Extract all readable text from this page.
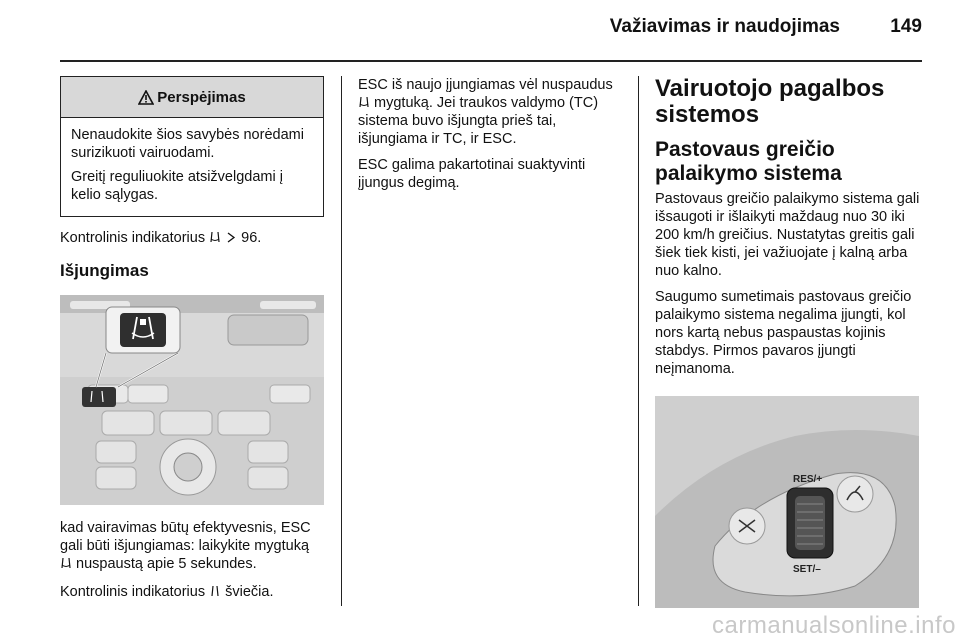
Važiavimas ir naudojimas	149
Perspėjimas

Nenaudokite šios savybės norėdami surizikuoti vairuodami.

Greitį reguliuokite atsižvelgdami į kelio sąlygas.

Kontrolinis indikatorius 96.

Išjungimas

kad vairavimas būtų efektyvesnis, ESC gali būti išjungiamas: laikykite mygtuką  nuspaustą apie 5 sekundes.

Kontrolinis indikatorius šviečia.

ESC iš naujo įjungiamas vėl nuspaudus  mygtuką. Jei traukos valdymo (TC) sistema buvo išjungta prieš tai, išjungiama ir TC, ir ESC.

ESC galima pakartotinai suaktyvinti įjungus degimą.

Vairuotojo pagalbos sistemos
Pastovaus greičio palaikymo sistema

Pastovaus greičio palaikymo sistema gali išsaugoti ir išlaikyti maždaug nuo 30 iki 200 km/h greičius. Nustatytas greitis gali šiek tiek kisti, jei važiuojate į kalną arba nuo kalno.

Saugumo sumetimais pastovaus greičio palaikymo sistema negalima įjungti, kol nors kartą nebus paspaustas kojinis stabdys. Pirmos pavaros įjungti neįmanoma.

RES/+
SET/–
carmanualsonline.info
